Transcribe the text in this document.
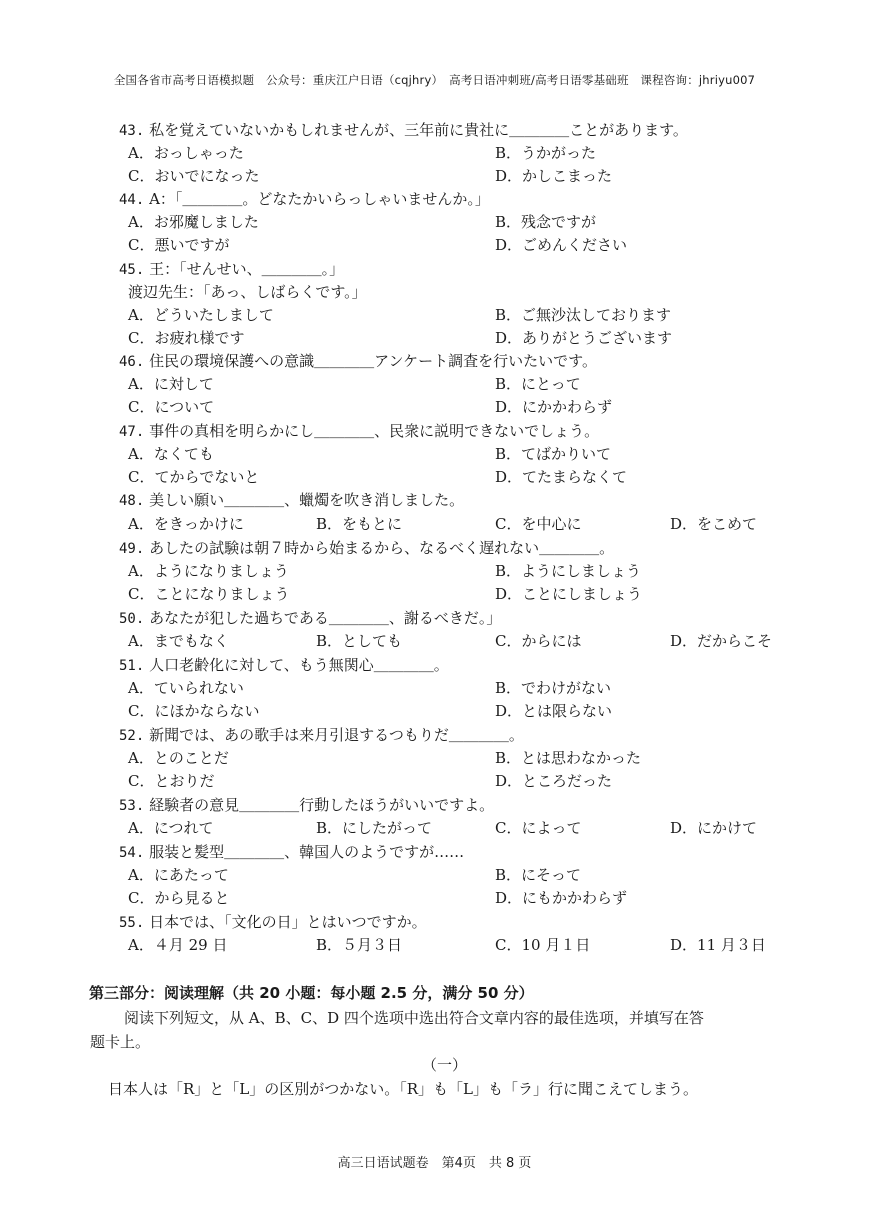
全国各省市高考日语模拟题　公众号：重庆江户日语（cqjhry）　高考日语冲刺班/高考日语零基础班　课程咨询：jhriyu007
43. 私を覚えていないかもしれませんが、三年前に貴社に＿＿＿＿ことがあります。
A．おっしゃった	B．うかがった
C．おいでになった	D．かしこまった
44. A：「＿＿＿＿。どなたかいらっしゃいませんか。」
A．お邪魔しました	B．残念ですが
C．悪いですが	D．ごめんください
45. 王：「せんせい、＿＿＿＿。」
渡辺先生：「あっ、しばらくです。」
A．どういたしまして	B．ご無沙汰しております
C．お疲れ様です	D．ありがとうございます
46. 住民の環境保護への意識＿＿＿＿アンケート調査を行いたいです。
A．に対して	B．にとって
C．について	D．にかかわらず
47. 事件の真相を明らかにし＿＿＿＿、民衆に説明できないでしょう。
A．なくても	B．てばかりいて
C．てからでないと	D．てたまらなくて
48. 美しい願い＿＿＿＿、蠟燭を吹き消しました。
A．をきっかけに	B．をもとに	C．を中心に	D．をこめて
49. あしたの試験は朝７時から始まるから、なるべく遅れない＿＿＿＿。
A．ようになりましょう	B．ようにしましょう
C．ことになりましょう	D．ことにしましょう
50. あなたが犯した過ちである＿＿＿＿、謝るべきだ。」
A．までもなく	B．としても	C．からには	D．だからこそ
51. 人口老齢化に対して、もう無関心＿＿＿＿。
A．ていられない	B．でわけがない
C．にほかならない	D．とは限らない
52. 新聞では、あの歌手は来月引退するつもりだ＿＿＿＿。
A．とのことだ	B．とは思わなかった
C．とおりだ	D．ところだった
53. 経験者の意見＿＿＿＿行動したほうがいいですよ。
A．につれて	B．にしたがって	C．によって	D．にかけて
54. 服装と髪型＿＿＿＿、韓国人のようですが……
A．にあたって	B．にそって
C．から見ると	D．にもかかわらず
55. 日本では、「文化の日」とはいつですか。
A．４月 29 日	B．５月３日	C．10 月１日	D．11 月３日
第三部分：阅读理解（共 20 小题：每小题 2.5 分，满分 50 分）
阅读下列短文，从 A、B、C、D 四个选项中选出符合文章内容的最佳选项，并填写在答
题卡上。
（一）
日本人は「R」と「L」の区別がつかない。「R」も「L」も「ラ」行に聞こえてしまう。
高三日语试题卷　第4页　共 8 页
